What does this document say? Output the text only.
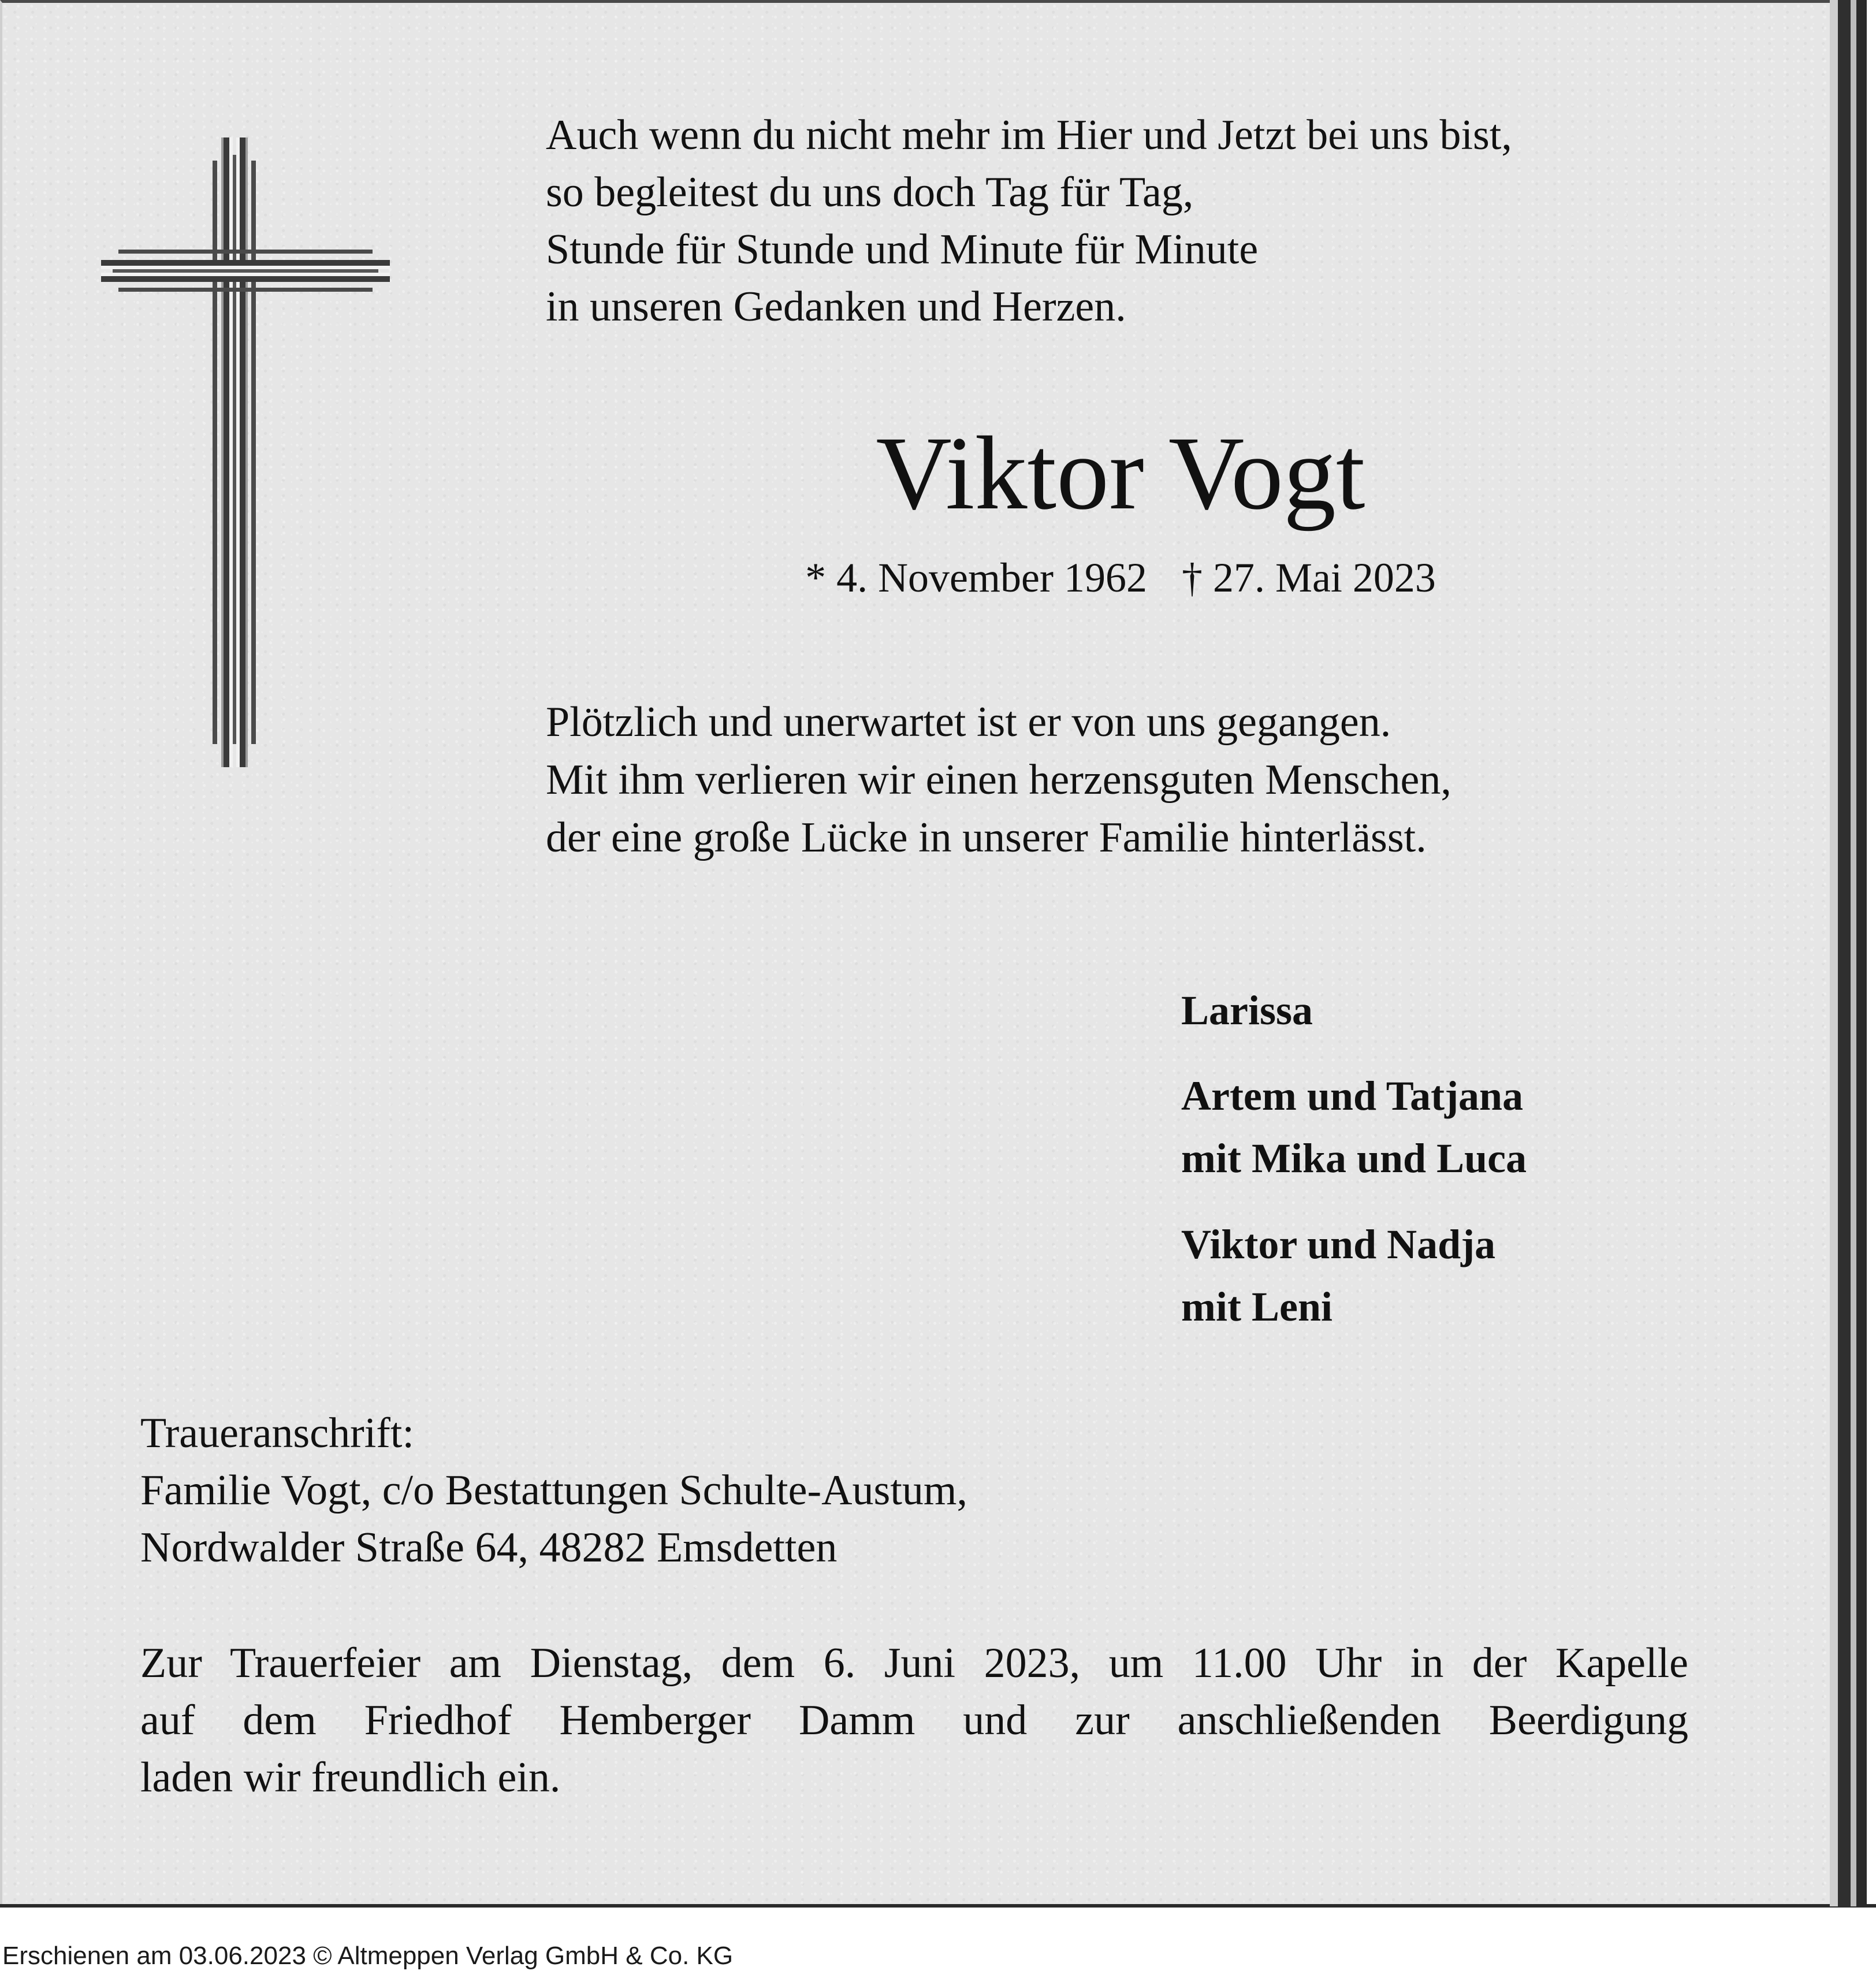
Auch wenn du nicht mehr im Hier und Jetzt bei uns bist,
so begleitest du uns doch Tag für Tag,
Stunde für Stunde und Minute für Minute
in unseren Gedanken und Herzen.
Viktor Vogt
* 4. November 1962 † 27. Mai 2023
Plötzlich und unerwartet ist er von uns gegangen.
Mit ihm verlieren wir einen herzensguten Menschen,
der eine große Lücke in unserer Familie hinterlässt.
Larissa
Artem und Tatjana
mit Mika und Luca
Viktor und Nadja
mit Leni
Traueranschrift:
Familie Vogt, c/o Bestattungen Schulte-Austum,
Nordwalder Straße 64, 48282 Emsdetten
Zur Trauerfeier am Dienstag, dem 6. Juni 2023, um 11.00 Uhr in der Kapelle
auf dem Friedhof Hemberger Damm und zur anschließenden Beerdigung
laden wir freundlich ein.
Erschienen am 03.06.2023 © Altmeppen Verlag GmbH & Co. KG
